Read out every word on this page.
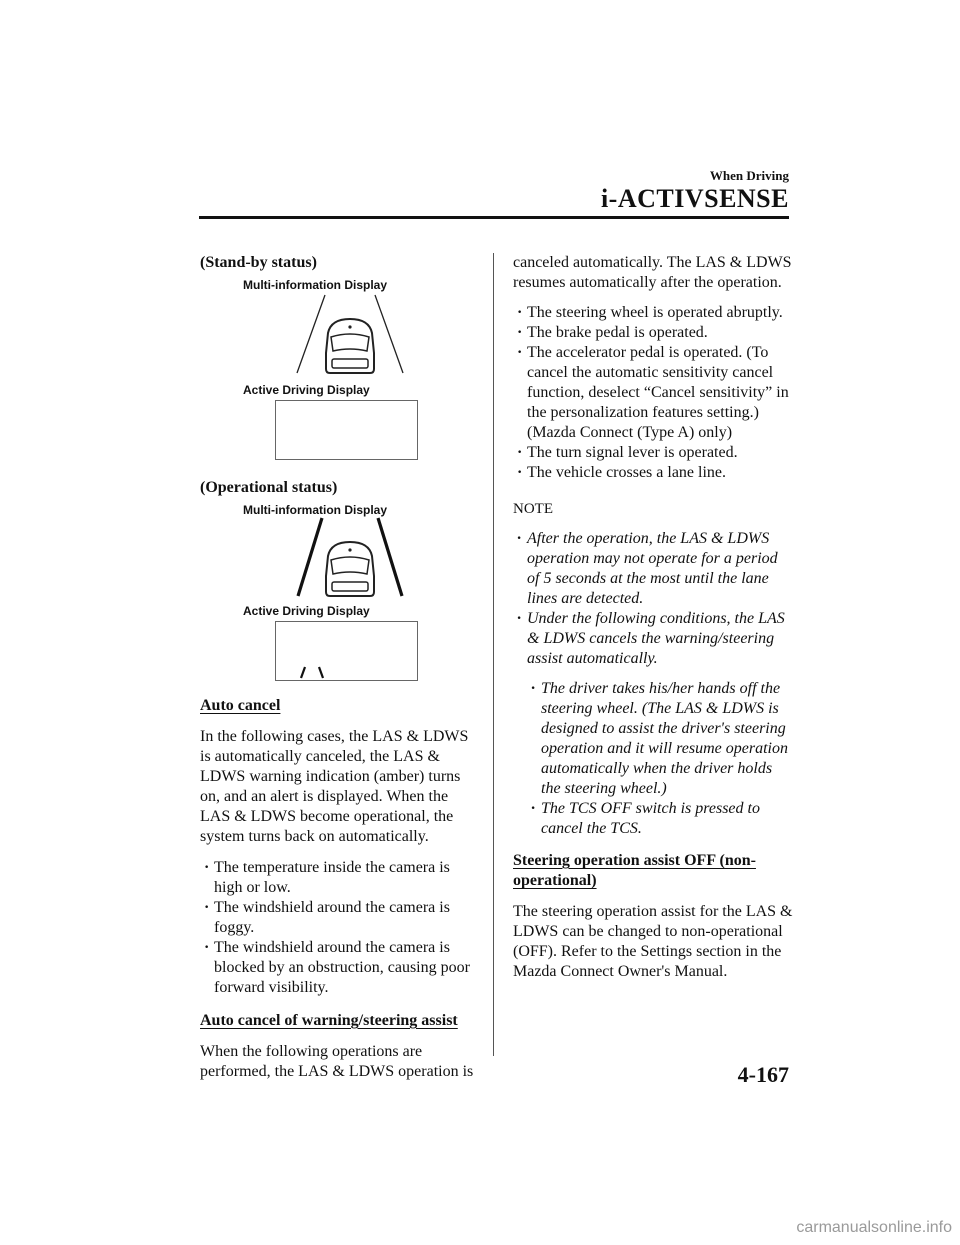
When Driving
i-ACTIVSENSE

(Stand-by status)

Multi-information Display
Active Driving Display

(Operational status)

Multi-information Display
Active Driving Display

Auto cancel

In the following cases, the LAS & LDWS is automatically canceled, the LAS & LDWS warning indication (amber) turns on, and an alert is displayed. When the LAS & LDWS become operational, the system turns back on automatically.

· The temperature inside the camera is high or low.
· The windshield around the camera is foggy.
· The windshield around the camera is blocked by an obstruction, causing poor forward visibility.

Auto cancel of warning/steering assist

When the following operations are performed, the LAS & LDWS operation is

canceled automatically. The LAS & LDWS resumes automatically after the operation.

· The steering wheel is operated abruptly.
· The brake pedal is operated.
· The accelerator pedal is operated. (To cancel the automatic sensitivity cancel function, deselect “Cancel sensitivity” in the personalization features setting.) (Mazda Connect (Type A) only)
· The turn signal lever is operated.
· The vehicle crosses a lane line.

NOTE

· After the operation, the LAS & LDWS operation may not operate for a period of 5 seconds at the most until the lane lines are detected.
· Under the following conditions, the LAS & LDWS cancels the warning/steering assist automatically.
· The driver takes his/her hands off the steering wheel. (The LAS & LDWS is designed to assist the driver's steering operation and it will resume operation automatically when the driver holds the steering wheel.)
· The TCS OFF switch is pressed to cancel the TCS.

Steering operation assist OFF (non-operational)

The steering operation assist for the LAS & LDWS can be changed to non-operational (OFF). Refer to the Settings section in the Mazda Connect Owner's Manual.

4-167
carmanualsonline.info
